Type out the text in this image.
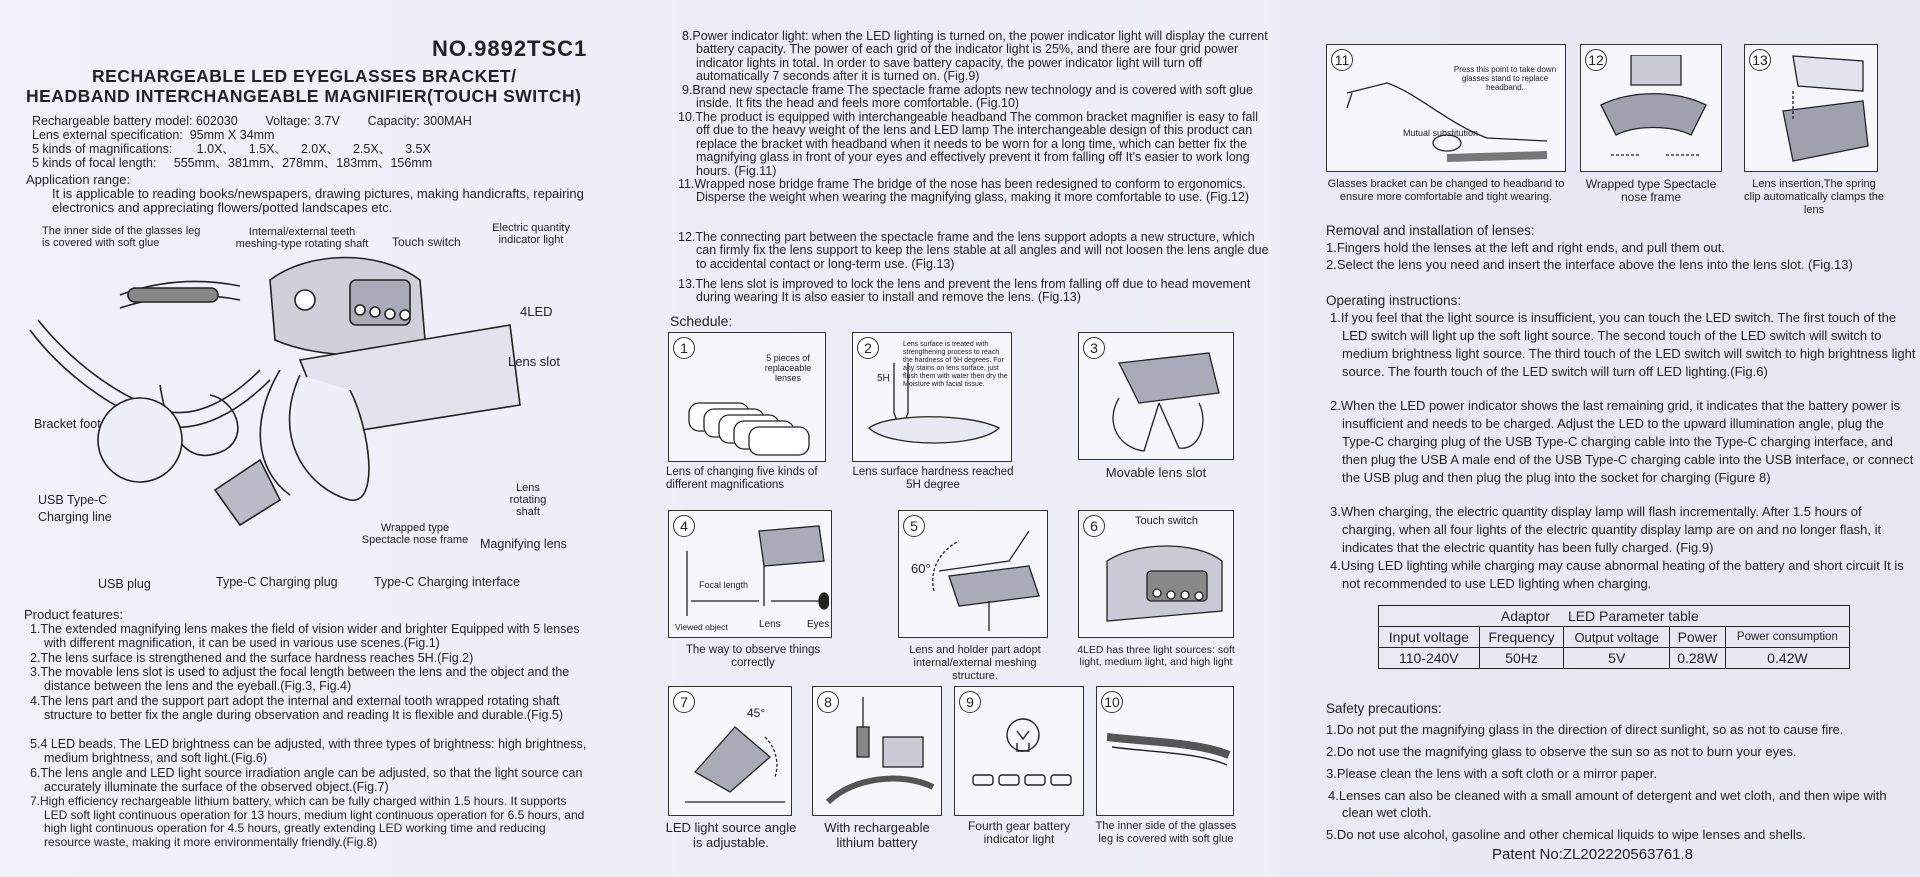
NO.9892TSC1
RECHARGEABLE LED EYEGLASSES BRACKET/
HEADBAND INTERCHANGEABLE MAGNIFIER(TOUCH SWITCH)
Rechargeable battery model: 602030        Voltage: 3.7V        Capacity: 300MAH
Lens external specification:  95mm X 34mm
5 kinds of magnifications:       1.0X、    1.5X、    2.0X、    2.5X、    3.5X
5 kinds of focal length:     555mm、381mm、278mm、183mm、156mm
Application range:
It is applicable to reading books/newspapers, drawing pictures, making handicrafts, repairing electronics and appreciating flowers/potted landscapes etc.
The inner side of the glasses leg is covered with soft glue
Internal/external teeth meshing-type rotating shaft	Touch switch
Electric quantity indicator light
4LED
Lens slot
Bracket foot
USB Type-C Charging line
Lens rotating shaft
Wrapped type Spectacle nose frame Magnifying lens
USB plug	Type-C Charging plug	Type-C Charging interface
Product features:
1.The extended magnifying lens makes the field of vision wider and brighter Equipped with 5 lenses with different magnification, it can be used in various use scenes.(Fig.1)
2.The lens surface is strengthened and the surface hardness reaches 5H.(Fig.2)
3.The movable lens slot is used to adjust the focal length between the lens and the object and the distance between the lens and the eyeball.(Fig.3, Fig.4)
4.The lens part and the support part adopt the internal and external tooth wrapped rotating shaft structure to better fix the angle during observation and reading It is flexible and durable.(Fig.5)
5.4 LED beads. The LED brightness can be adjusted, with three types of brightness: high brightness, medium brightness, and soft light.(Fig.6)
6.The lens angle and LED light source irradiation angle can be adjusted, so that the light source can accurately illuminate the surface of the observed object.(Fig.7)
7.High efficiency rechargeable lithium battery, which can be fully charged within 1.5 hours. It supports LED soft light continuous operation for 13 hours, medium light continuous operation for 6.5 hours, and high light continuous operation for 4.5 hours, greatly extending LED working time and reducing resource waste, making it more environmentally friendly.(Fig.8)
8.Power indicator light: when the LED lighting is turned on, the power indicator light will display the current battery capacity. The power of each grid of the indicator light is 25%, and there are four grid power indicator lights in total. In order to save battery capacity, the power indicator light will turn off automatically 7 seconds after it is turned on. (Fig.9)
9.Brand new spectacle frame The spectacle frame adopts new technology and is covered with soft glue inside. It fits the head and feels more comfortable. (Fig.10)
10.The product is equipped with interchangeable headband The common bracket magnifier is easy to fall off due to the heavy weight of the lens and LED lamp The interchangeable design of this product can replace the bracket with headband when it needs to be worn for a long time, which can better fix the magnifying glass in front of your eyes and effectively prevent it from falling off It's easier to work long hours. (Fig.11)
11.Wrapped nose bridge frame The bridge of the nose has been redesigned to conform to ergonomics. Disperse the weight when wearing the magnifying glass, making it more comfortable to use. (Fig.12)
12.The connecting part between the spectacle frame and the lens support adopts a new structure, which can firmly fix the lens support to keep the lens stable at all angles and will not loosen the lens angle due to accidental contact or long-term use. (Fig.13)
13.The lens slot is improved to lock the lens and prevent the lens from falling off due to head movement during wearing It is also easier to install and remove the lens. (Fig.13)
Schedule:
1
5 pieces of replaceable lenses
Lens of changing five kinds of different magnifications
2	Lens surface is treated with strengthening process to reach the hardness of 5H degrees. For any stains on lens surface, just flush them with water then dry the Moisture with facial tissue.
5H
Lens surface hardness reached 5H degree
3
Movable lens slot
4
Focal length
Viewed object	Lens	Eyes
The way to observe things correctly
5
60°
Lens and holder part adopt internal/external meshing structure.
6	Touch switch
4LED has three light sources: soft light, medium light, and high light
7
45°
LED light source angle is adjustable.
8
With rechargeable lithium battery
9
Fourth gear battery indicator light
10
The inner side of the glasses leg is covered with soft glue
11
Press this point to take down glasses stand to replace headband.
Mutual substitution
Glasses bracket can be changed to headband to ensure more comfortable and tight wearing.
12
Wrapped type Spectacle nose frame
13
Lens insertion,The spring clip automatically clamps the lens
Removal and installation of lenses:
1.Fingers hold the lenses at the left and right ends, and pull them out.
2.Select the lens you need and insert the interface above the lens into the lens slot. (Fig.13)
Operating instructions:
1.If you feel that the light source is insufficient, you can touch the LED switch. The first touch of the LED switch will light up the soft light source. The second touch of the LED switch will switch to medium brightness light source. The third touch of the LED switch will switch to high brightness light source. The fourth touch of the LED switch will turn off LED lighting.(Fig.6)
2.When the LED power indicator shows the last remaining grid, it indicates that the battery power is insufficient and needs to be charged. Adjust the LED to the upward illumination angle, plug the Type-C charging plug of the USB Type-C charging cable into the Type-C charging interface, and then plug the USB A male end of the USB Type-C charging cable into the USB interface, or connect the USB plug and then plug the plug into the socket for charging (Figure 8)
3.When charging, the electric quantity display lamp will flash incrementally. After 1.5 hours of charging, when all four lights of the electric quantity display lamp are on and no longer flash, it indicates that the electric quantity has been fully charged. (Fig.9)
4.Using LED lighting while charging may cause abnormal heating of the battery and short circuit It is not recommended to use LED lighting when charging.
Adaptor		LED Parameter table		
Input voltage	Frequency	Output voltage	Power	Power consumption
110-240V	50Hz	5V	0.28W	0.42W
Safety precautions:
1.Do not put the magnifying glass in the direction of direct sunlight, so as not to cause fire.
2.Do not use the magnifying glass to observe the sun so as not to burn your eyes.
3.Please clean the lens with a soft cloth or a mirror paper.
4.Lenses can also be cleaned with a small amount of detergent and wet cloth, and then wipe with clean wet cloth.
5.Do not use alcohol, gasoline and other chemical liquids to wipe lenses and shells.
Patent No:ZL202220563761.8
